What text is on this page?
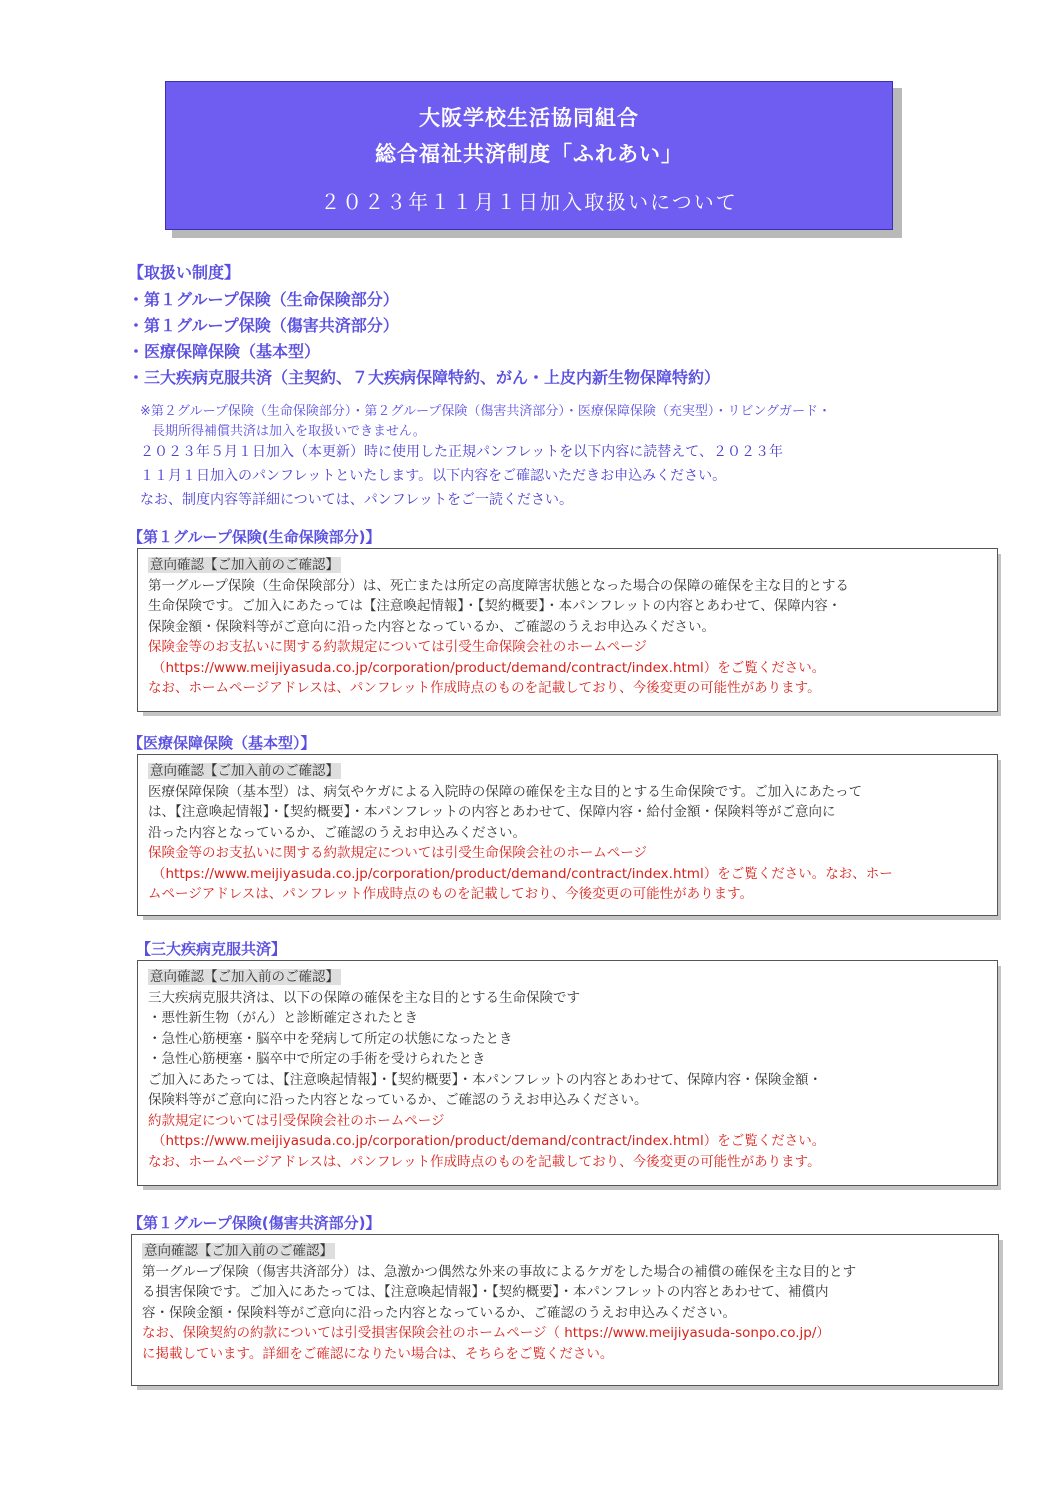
大阪学校生活協同組合
総合福祉共済制度「ふれあい」
２０２３年１１月１日加入取扱いについて
【取扱い制度】
・第１グループ保険（生命保険部分）
・第１グループ保険（傷害共済部分）
・医療保障保険（基本型）
・三大疾病克服共済（主契約、７大疾病保障特約、がん・上皮内新生物保障特約）
※第２グループ保険（生命保険部分）・第２グループ保険（傷害共済部分）・医療保障保険（充実型）・リビングガード・
長期所得補償共済は加入を取扱いできません。
２０２３年５月１日加入（本更新）時に使用した正規パンフレットを以下内容に読替えて、２０２３年
１１月１日加入のパンフレットといたします。以下内容をご確認いただきお申込みください。
なお、制度内容等詳細については、パンフレットをご一読ください。
【第１グループ保険(生命保険部分)】
意向確認【ご加入前のご確認】
第一グループ保険（生命保険部分）は、死亡または所定の高度障害状態となった場合の保障の確保を主な目的とする
生命保険です。ご加入にあたっては【注意喚起情報】・【契約概要】・本パンフレットの内容とあわせて、保障内容・
保険金額・保険料等がご意向に沿った内容となっているか、ご確認のうえお申込みください。
保険金等のお支払いに関する約款規定については引受生命保険会社のホームページ
（https://www.meijiyasuda.co.jp/corporation/product/demand/contract/index.html）をご覧ください。
なお、ホームページアドレスは、パンフレット作成時点のものを記載しており、今後変更の可能性があります。
【医療保障保険（基本型）】
意向確認【ご加入前のご確認】
医療保障保険（基本型）は、病気やケガによる入院時の保障の確保を主な目的とする生命保険です。ご加入にあたって
は、【注意喚起情報】・【契約概要】・本パンフレットの内容とあわせて、保障内容・給付金額・保険料等がご意向に
沿った内容となっているか、ご確認のうえお申込みください。
保険金等のお支払いに関する約款規定については引受生命保険会社のホームページ
（https://www.meijiyasuda.co.jp/corporation/product/demand/contract/index.html）をご覧ください。なお、ホー
ムページアドレスは、パンフレット作成時点のものを記載しており、今後変更の可能性があります。
【三大疾病克服共済】
意向確認【ご加入前のご確認】
三大疾病克服共済は、以下の保障の確保を主な目的とする生命保険です
・悪性新生物（がん）と診断確定されたとき
・急性心筋梗塞・脳卒中を発病して所定の状態になったとき
・急性心筋梗塞・脳卒中で所定の手術を受けられたとき
ご加入にあたっては、【注意喚起情報】・【契約概要】・本パンフレットの内容とあわせて、保障内容・保険金額・
保険料等がご意向に沿った内容となっているか、ご確認のうえお申込みください。
約款規定については引受保険会社のホームページ
（https://www.meijiyasuda.co.jp/corporation/product/demand/contract/index.html）をご覧ください。
なお、ホームページアドレスは、パンフレット作成時点のものを記載しており、今後変更の可能性があります。
【第１グループ保険(傷害共済部分)】
意向確認【ご加入前のご確認】
第一グループ保険（傷害共済部分）は、急激かつ偶然な外来の事故によるケガをした場合の補償の確保を主な目的とす
る損害保険です。ご加入にあたっては、【注意喚起情報】・【契約概要】・本パンフレットの内容とあわせて、補償内
容・保険金額・保険料等がご意向に沿った内容となっているか、ご確認のうえお申込みください。
なお、保険契約の約款については引受損害保険会社のホームページ（ https://www.meijiyasuda-sonpo.co.jp/）
に掲載しています。詳細をご確認になりたい場合は、そちらをご覧ください。
